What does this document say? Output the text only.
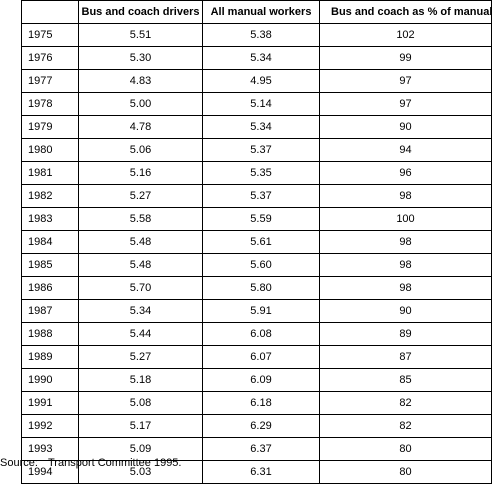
	Bus and coach drivers	All manual workers	Bus and coach as % of manual
1975	5.51	5.38	102
1976	5.30	5.34	99
1977	4.83	4.95	97
1978	5.00	5.14	97
1979	4.78	5.34	90
1980	5.06	5.37	94
1981	5.16	5.35	96
1982	5.27	5.37	98
1983	5.58	5.59	100
1984	5.48	5.61	98
1985	5.48	5.60	98
1986	5.70	5.80	98
1987	5.34	5.91	90
1988	5.44	6.08	89
1989	5.27	6.07	87
1990	5.18	6.09	85
1991	5.08	6.18	82
1992	5.17	6.29	82
1993	5.09	6.37	80
1994	5.03	6.31	80
Source: Transport Committee 1995.
